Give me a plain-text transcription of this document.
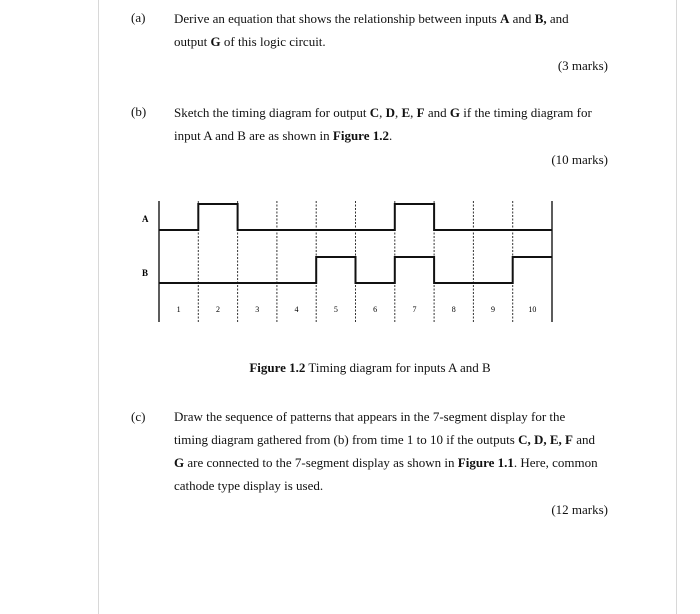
(a) Derive an equation that shows the relationship between inputs A and B, and
output G of this logic circuit.
(3 marks)
(b) Sketch the timing diagram for output C, D, E, F and G if the timing diagram for
input A and B are as shown in Figure 1.2.
(10 marks)
A
B
1	2	3	4	5	6	7	8	9	10
Figure 1.2 Timing diagram for inputs A and B
(c) Draw the sequence of patterns that appears in the 7-segment display for the
timing diagram gathered from (b) from time 1 to 10 if the outputs C, D, E, F and
G are connected to the 7-segment display as shown in Figure 1.1. Here, common
cathode type display is used.
(12 marks)
